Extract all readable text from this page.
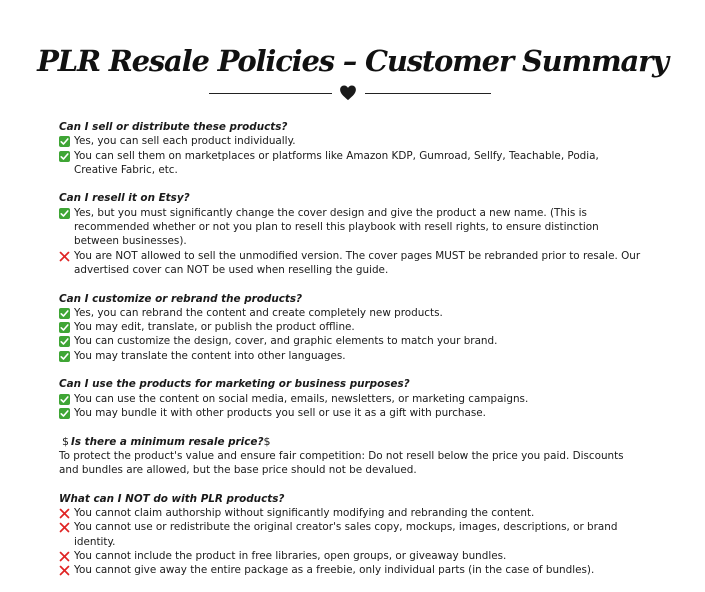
PLR Resale Policies – Customer Summary

Can I sell or distribute these products?

Yes, you can sell each product individually.

You can sell them on marketplaces or platforms like Amazon KDP, Gumroad, Sellfy, Teachable, Podia, Creative Fabric, etc.

Can I resell it on Etsy?

Yes, but you must significantly change the cover design and give the product a new name. (This is recommended whether or not you plan to resell this playbook with resell rights, to ensure distinction between businesses).

You are NOT allowed to sell the unmodified version. The cover pages MUST be rebranded prior to resale. Our advertised cover can NOT be used when reselling the guide.

Can I customize or rebrand the products?

Yes, you can rebrand the content and create completely new products.

You may edit, translate, or publish the product offline.

You can customize the design, cover, and graphic elements to match your brand.

You may translate the content into other languages.

Can I use the products for marketing or business purposes?

You can use the content on social media, emails, newsletters, or marketing campaigns.

You may bundle it with other products you sell or use it as a gift with purchase.

$ Is there a minimum resale price?$

To protect the product's value and ensure fair competition: Do not resell below the price you paid. Discounts and bundles are allowed, but the base price should not be devalued.

What can I NOT do with PLR products?

You cannot claim authorship without significantly modifying and rebranding the content.

You cannot use or redistribute the original creator's sales copy, mockups, images, descriptions, or brand identity.

You cannot include the product in free libraries, open groups, or giveaway bundles.

You cannot give away the entire package as a freebie, only individual parts (in the case of bundles).
